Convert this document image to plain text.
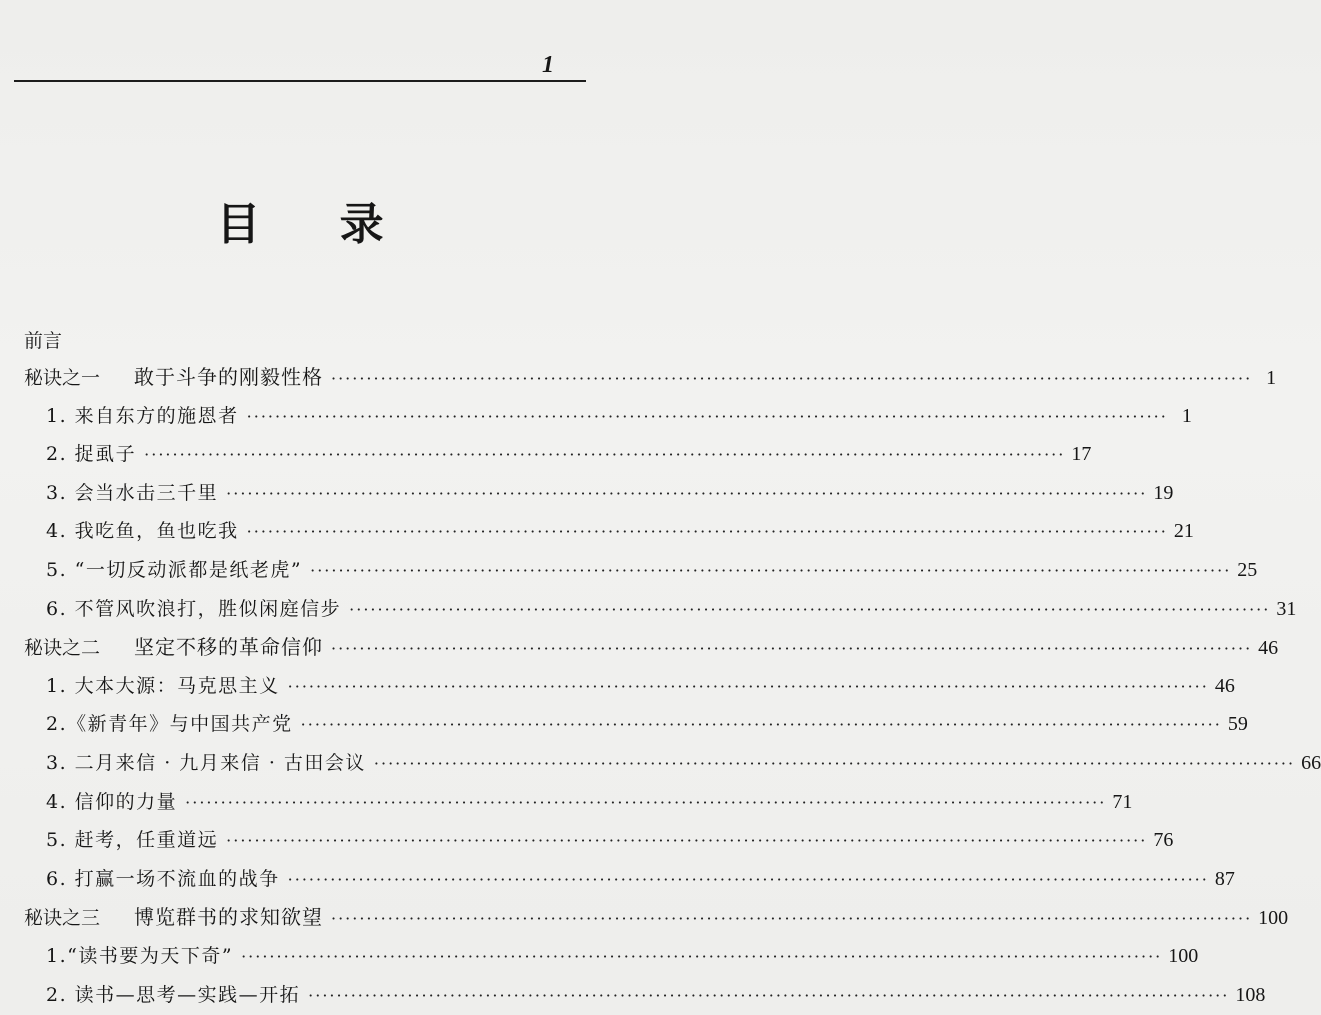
1
目 录
前言
秘诀之一	敢于斗争的刚毅性格 ·····	1
1. 来自东方的施恩者 ·····	1
2. 捉虱子 ·····	17
3. 会当水击三千里 ·····	19
4. 我吃鱼，鱼也吃我 ·····	21
5. “一切反动派都是纸老虎” ·····	25
6. 不管风吹浪打，胜似闲庭信步 ·····	31
秘诀之二	坚定不移的革命信仰 ·····	46
1. 大本大源：马克思主义 ·····	46
2.《新青年》与中国共产党 ·····	59
3. 二月来信 · 九月来信 · 古田会议 ·····	66
4. 信仰的力量 ·····	71
5. 赶考，任重道远 ·····	76
6. 打赢一场不流血的战争 ·····	87
秘诀之三	博览群书的求知欲望 ·····	100
1.“读书要为天下奇” ·····	100
2. 读书—思考—实践—开拓 ·····	108
